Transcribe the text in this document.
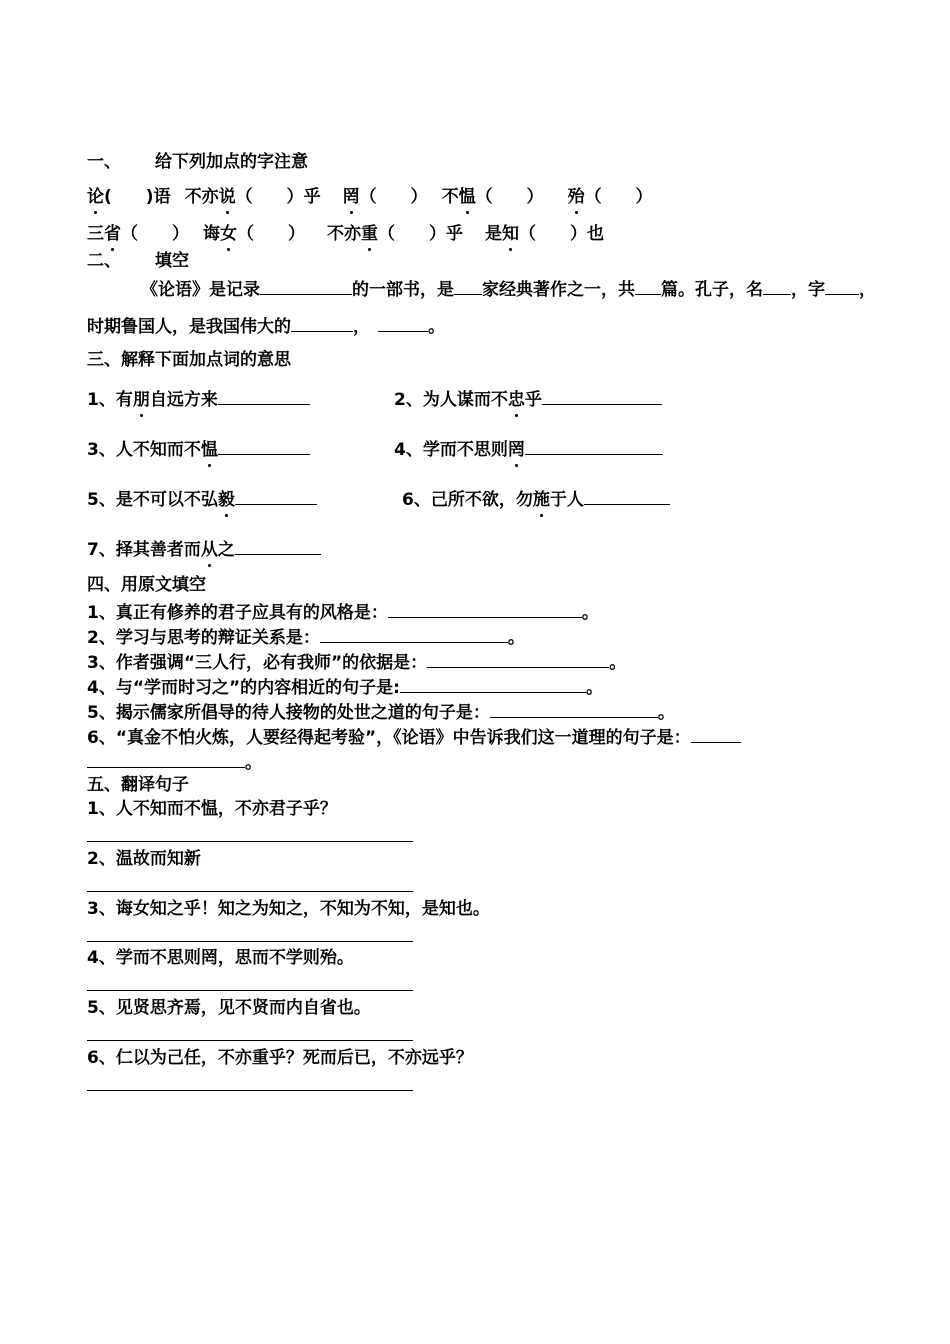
一、 给下列加点的字注意
论( )语 不亦说（　　）乎 罔（　　） 不愠（　　） 殆（　　）
三省（　　） 诲女（　　） 不亦重（　　）乎 是知（　　）也
二、 填空
《论语》是记录	的一部书，是 家经典著作之一，共 篇。孔子，名 ，字 ，
时期鲁国人，是我国伟大的	，	。
三、解释下面加点词的意思
1、有朋自远方来	2、为人谋而不忠乎
3、人不知而不愠	4、学而不思则罔
5、是不可以不弘毅	6、己所不欲，勿施于人
7、择其善者而从之
四、用原文填空
1、真正有修养的君子应具有的风格是：	。
2、学习与思考的辩证关系是：	。
3、作者强调“三人行，必有我师”的依据是：	。
4、与“学而时习之”的内容相近的句子是:	。
5、揭示儒家所倡导的待人接物的处世之道的句子是：	。
6、“真金不怕火炼，人要经得起考验”，《论语》中告诉我们这一道理的句子是：
。
五、翻译句子
1、人不知而不愠，不亦君子乎？
2、温故而知新
3、诲女知之乎！知之为知之，不知为不知，是知也。
4、学而不思则罔，思而不学则殆。
5、见贤思齐焉，见不贤而内自省也。
6、仁以为己任，不亦重乎？死而后已，不亦远乎？
